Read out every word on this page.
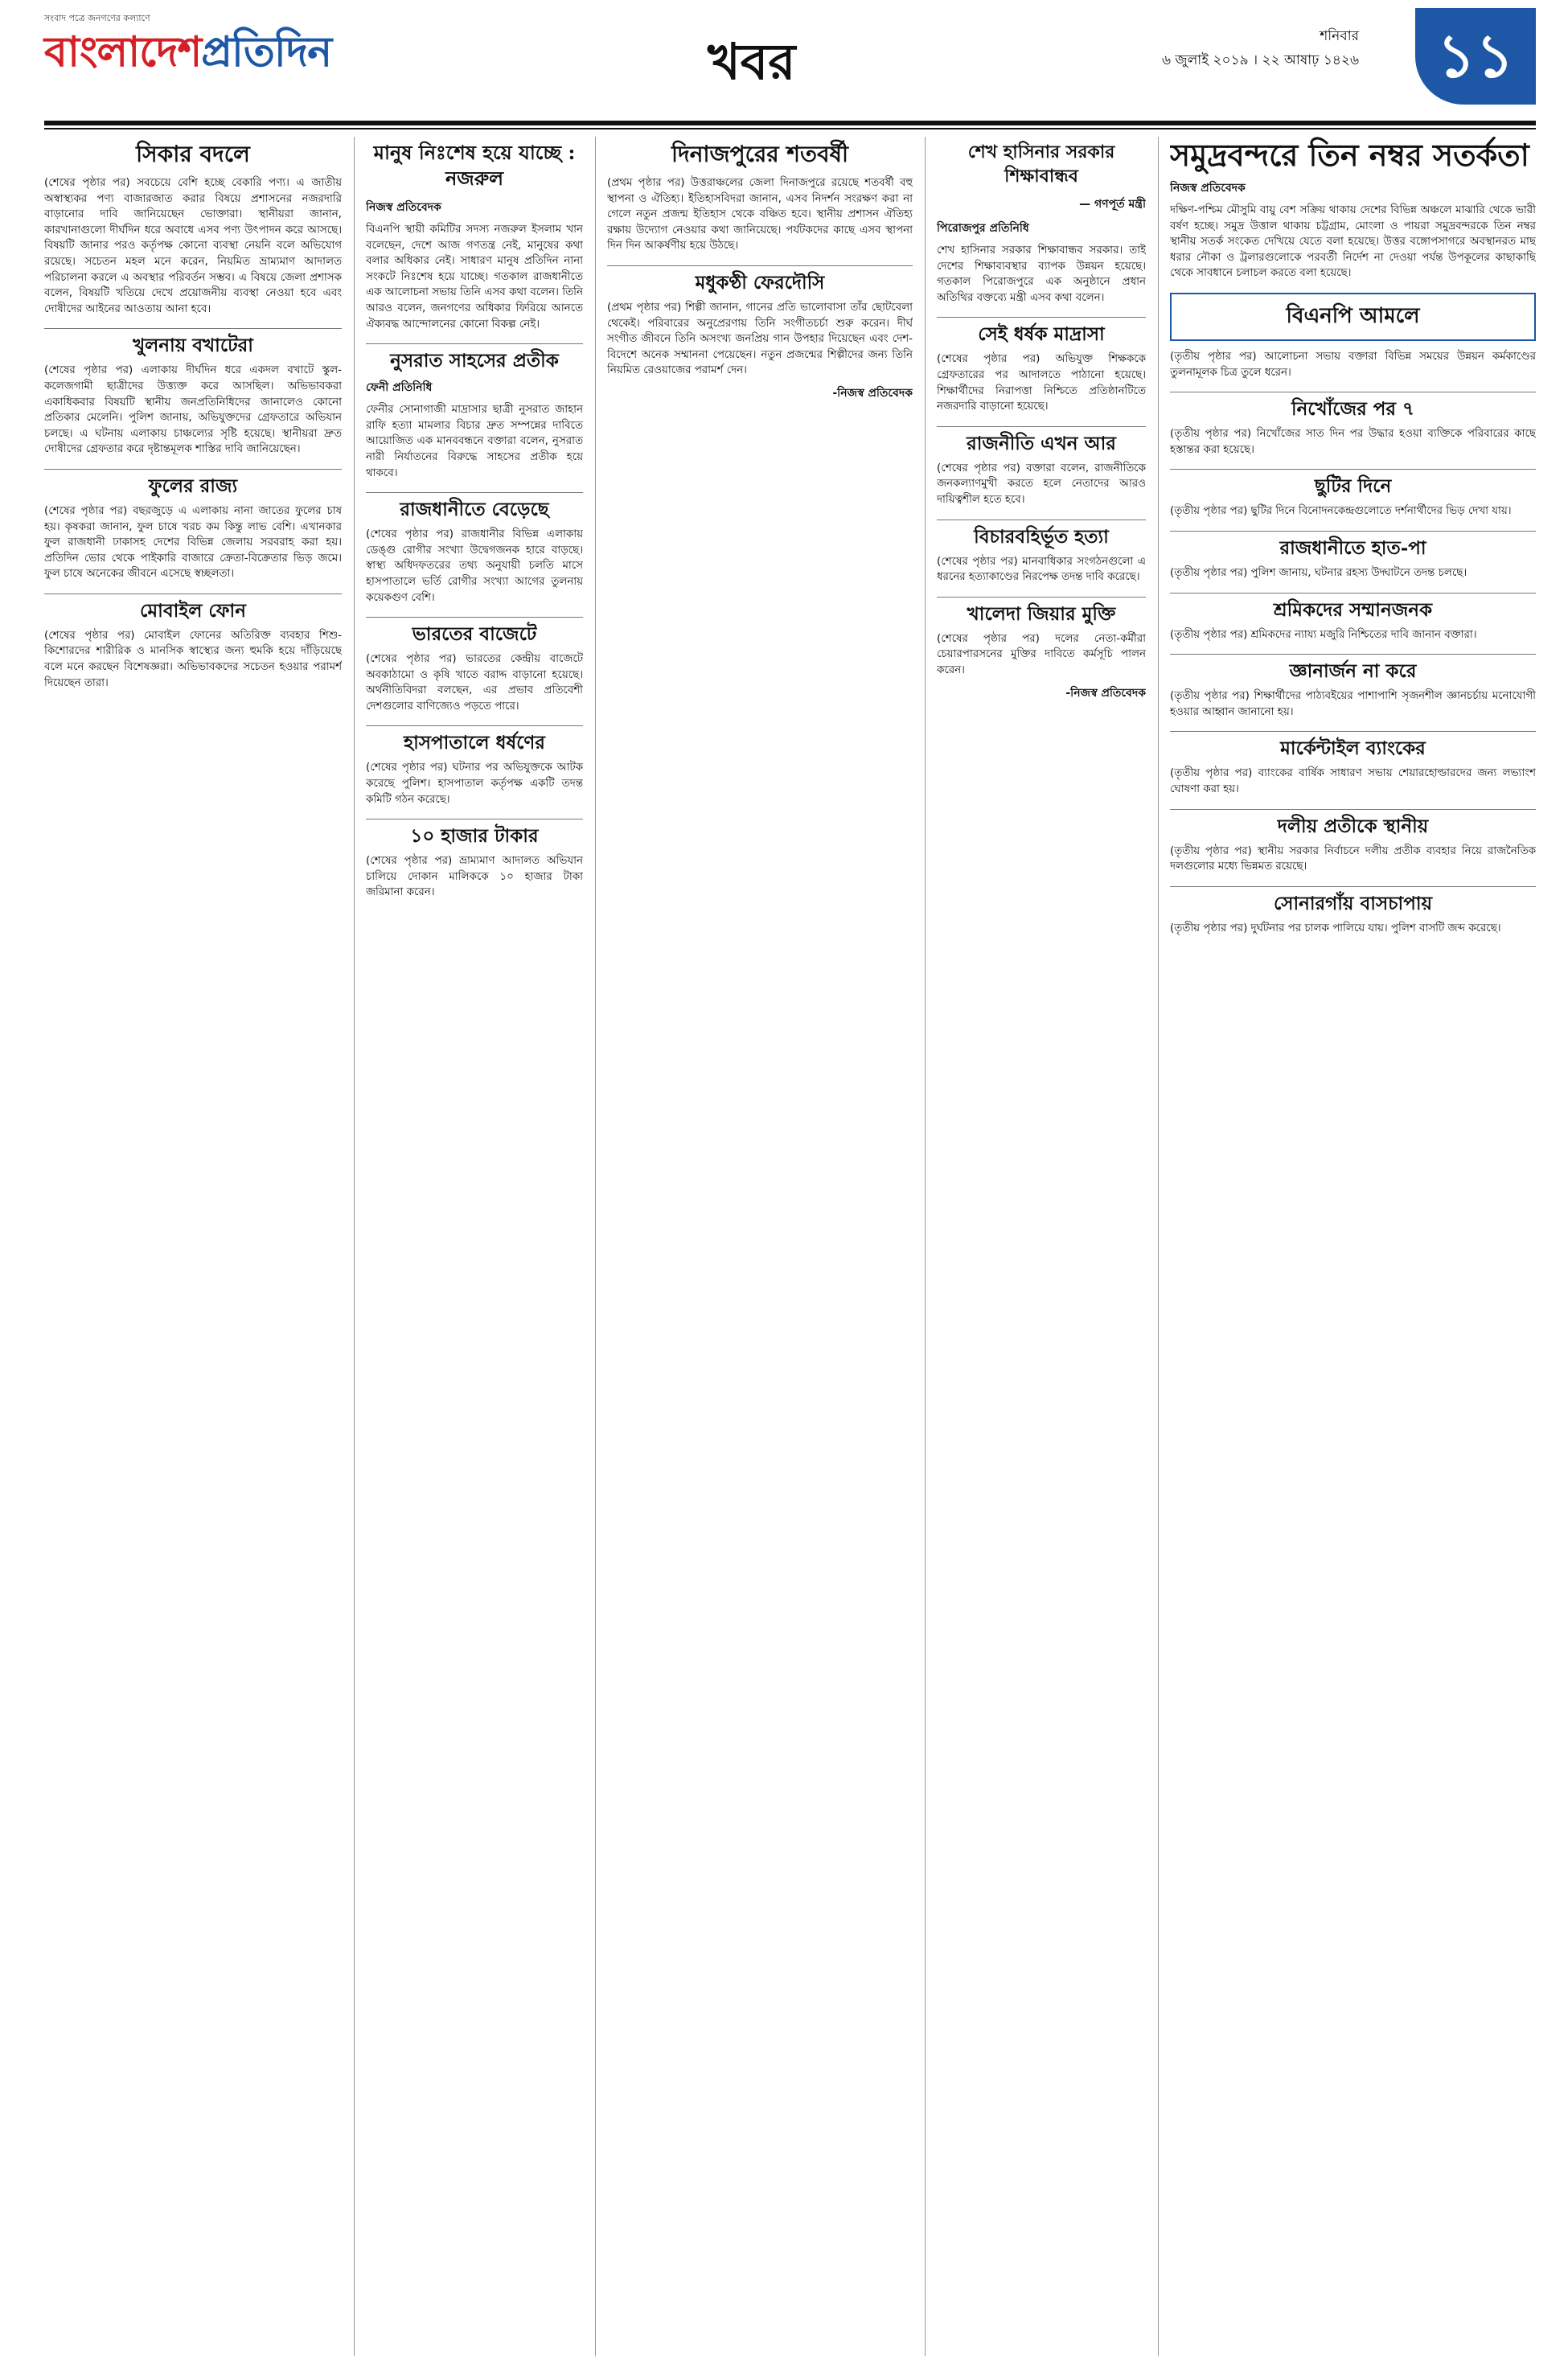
সংবাদ পত্রে জনগণের কল্যাণে
বাংলাদেশপ্রতিদিন	খবর	শনিবার
৬ জুলাই ২০১৯ । ২২ আষাঢ় ১৪২৬	১১
সিকার বদলে

(শেষের পৃষ্ঠার পর) সবচেয়ে বেশি হচ্ছে বেকারি পণ্য। এ জাতীয় অস্বাস্থ্যকর পণ্য বাজারজাত করার বিষয়ে প্রশাসনের নজরদারি বাড়ানোর দাবি জানিয়েছেন ভোক্তারা। স্থানীয়রা জানান, কারখানাগুলো দীর্ঘদিন ধরে অবাধে এসব পণ্য উৎপাদন করে আসছে। বিষয়টি জানার পরও কর্তৃপক্ষ কোনো ব্যবস্থা নেয়নি বলে অভিযোগ রয়েছে। সচেতন মহল মনে করেন, নিয়মিত ভ্রাম্যমাণ আদালত পরিচালনা করলে এ অবস্থার পরিবর্তন সম্ভব। এ বিষয়ে জেলা প্রশাসক বলেন, বিষয়টি খতিয়ে দেখে প্রয়োজনীয় ব্যবস্থা নেওয়া হবে এবং দোষীদের আইনের আওতায় আনা হবে।

খুলনায় বখাটেরা

(শেষের পৃষ্ঠার পর) এলাকায় দীর্ঘদিন ধরে একদল বখাটে স্কুল-কলেজগামী ছাত্রীদের উত্ত্যক্ত করে আসছিল। অভিভাবকরা একাধিকবার বিষয়টি স্থানীয় জনপ্রতিনিধিদের জানালেও কোনো প্রতিকার মেলেনি। পুলিশ জানায়, অভিযুক্তদের গ্রেফতারে অভিযান চলছে। এ ঘটনায় এলাকায় চাঞ্চল্যের সৃষ্টি হয়েছে। স্থানীয়রা দ্রুত দোষীদের গ্রেফতার করে দৃষ্টান্তমূলক শাস্তির দাবি জানিয়েছেন।

ফুলের রাজ্য

(শেষের পৃষ্ঠার পর) বছরজুড়ে এ এলাকায় নানা জাতের ফুলের চাষ হয়। কৃষকরা জানান, ফুল চাষে খরচ কম কিন্তু লাভ বেশি। এখানকার ফুল রাজধানী ঢাকাসহ দেশের বিভিন্ন জেলায় সরবরাহ করা হয়। প্রতিদিন ভোর থেকে পাইকারি বাজারে ক্রেতা-বিক্রেতার ভিড় জমে। ফুল চাষে অনেকের জীবনে এসেছে স্বচ্ছলতা।

মোবাইল ফোন

(শেষের পৃষ্ঠার পর) মোবাইল ফোনের অতিরিক্ত ব্যবহার শিশু-কিশোরদের শারীরিক ও মানসিক স্বাস্থ্যের জন্য হুমকি হয়ে দাঁড়িয়েছে বলে মনে করছেন বিশেষজ্ঞরা। অভিভাবকদের সচেতন হওয়ার পরামর্শ দিয়েছেন তারা।

মানুষ নিঃশেষ হয়ে যাচ্ছে : নজরুল
নিজস্ব প্রতিবেদক

বিএনপি স্থায়ী কমিটির সদস্য নজরুল ইসলাম খান বলেছেন, দেশে আজ গণতন্ত্র নেই, মানুষের কথা বলার অধিকার নেই। সাধারণ মানুষ প্রতিদিন নানা সংকটে নিঃশেষ হয়ে যাচ্ছে। গতকাল রাজধানীতে এক আলোচনা সভায় তিনি এসব কথা বলেন। তিনি আরও বলেন, জনগণের অধিকার ফিরিয়ে আনতে ঐক্যবদ্ধ আন্দোলনের কোনো বিকল্প নেই।

নুসরাত সাহসের প্রতীক
ফেনী প্রতিনিধি

ফেনীর সোনাগাজী মাদ্রাসার ছাত্রী নুসরাত জাহান রাফি হত্যা মামলার বিচার দ্রুত সম্পন্নের দাবিতে আয়োজিত এক মানববন্ধনে বক্তারা বলেন, নুসরাত নারী নির্যাতনের বিরুদ্ধে সাহসের প্রতীক হয়ে থাকবে।

রাজধানীতে বেড়েছে

(শেষের পৃষ্ঠার পর) রাজধানীর বিভিন্ন এলাকায় ডেঙ্গু রোগীর সংখ্যা উদ্বেগজনক হারে বাড়ছে। স্বাস্থ্য অধিদফতরের তথ্য অনুযায়ী চলতি মাসে হাসপাতালে ভর্তি রোগীর সংখ্যা আগের তুলনায় কয়েকগুণ বেশি।

ভারতের বাজেটে

(শেষের পৃষ্ঠার পর) ভারতের কেন্দ্রীয় বাজেটে অবকাঠামো ও কৃষি খাতে বরাদ্দ বাড়ানো হয়েছে। অর্থনীতিবিদরা বলছেন, এর প্রভাব প্রতিবেশী দেশগুলোর বাণিজ্যেও পড়তে পারে।

হাসপাতালে ধর্ষণের

(শেষের পৃষ্ঠার পর) ঘটনার পর অভিযুক্তকে আটক করেছে পুলিশ। হাসপাতাল কর্তৃপক্ষ একটি তদন্ত কমিটি গঠন করেছে।

১০ হাজার টাকার

(শেষের পৃষ্ঠার পর) ভ্রাম্যমাণ আদালত অভিযান চালিয়ে দোকান মালিককে ১০ হাজার টাকা জরিমানা করেন।

দিনাজপুরের শতবর্ষী

(প্রথম পৃষ্ঠার পর) উত্তরাঞ্চলের জেলা দিনাজপুরে রয়েছে শতবর্ষী বহু স্থাপনা ও ঐতিহ্য। ইতিহাসবিদরা জানান, এসব নিদর্শন সংরক্ষণ করা না গেলে নতুন প্রজন্ম ইতিহাস থেকে বঞ্চিত হবে। স্থানীয় প্রশাসন ঐতিহ্য রক্ষায় উদ্যোগ নেওয়ার কথা জানিয়েছে। পর্যটকদের কাছে এসব স্থাপনা দিন দিন আকর্ষণীয় হয়ে উঠছে।

মধুকণ্ঠী ফেরদৌসি

(প্রথম পৃষ্ঠার পর) শিল্পী জানান, গানের প্রতি ভালোবাসা তাঁর ছোটবেলা থেকেই। পরিবারের অনুপ্রেরণায় তিনি সংগীতচর্চা শুরু করেন। দীর্ঘ সংগীত জীবনে তিনি অসংখ্য জনপ্রিয় গান উপহার দিয়েছেন এবং দেশ-বিদেশে অনেক সম্মাননা পেয়েছেন। নতুন প্রজন্মের শিল্পীদের জন্য তিনি নিয়মিত রেওয়াজের পরামর্শ দেন।

-নিজস্ব প্রতিবেদক
শেখ হাসিনার সরকার শিক্ষাবান্ধব
— গণপূর্ত মন্ত্রী
পিরোজপুর প্রতিনিধি

শেখ হাসিনার সরকার শিক্ষাবান্ধব সরকার। তাই দেশের শিক্ষাব্যবস্থার ব্যাপক উন্নয়ন হয়েছে। গতকাল পিরোজপুরে এক অনুষ্ঠানে প্রধান অতিথির বক্তব্যে মন্ত্রী এসব কথা বলেন।

সেই ধর্ষক মাদ্রাসা

(শেষের পৃষ্ঠার পর) অভিযুক্ত শিক্ষককে গ্রেফতারের পর আদালতে পাঠানো হয়েছে। শিক্ষার্থীদের নিরাপত্তা নিশ্চিতে প্রতিষ্ঠানটিতে নজরদারি বাড়ানো হয়েছে।

রাজনীতি এখন আর

(শেষের পৃষ্ঠার পর) বক্তারা বলেন, রাজনীতিকে জনকল্যাণমুখী করতে হলে নেতাদের আরও দায়িত্বশীল হতে হবে।

বিচারবহির্ভূত হত্যা

(শেষের পৃষ্ঠার পর) মানবাধিকার সংগঠনগুলো এ ধরনের হত্যাকাণ্ডের নিরপেক্ষ তদন্ত দাবি করেছে।

খালেদা জিয়ার মুক্তি

(শেষের পৃষ্ঠার পর) দলের নেতা-কর্মীরা চেয়ারপারসনের মুক্তির দাবিতে কর্মসূচি পালন করেন।

-নিজস্ব প্রতিবেদক
সমুদ্রবন্দরে তিন নম্বর সতর্কতা
নিজস্ব প্রতিবেদক

দক্ষিণ-পশ্চিম মৌসুমি বায়ু বেশ সক্রিয় থাকায় দেশের বিভিন্ন অঞ্চলে মাঝারি থেকে ভারী বর্ষণ হচ্ছে। সমুদ্র উত্তাল থাকায় চট্টগ্রাম, মোংলা ও পায়রা সমুদ্রবন্দরকে তিন নম্বর স্থানীয় সতর্ক সংকেত দেখিয়ে যেতে বলা হয়েছে। উত্তর বঙ্গোপসাগরে অবস্থানরত মাছ ধরার নৌকা ও ট্রলারগুলোকে পরবর্তী নির্দেশ না দেওয়া পর্যন্ত উপকূলের কাছাকাছি থেকে সাবধানে চলাচল করতে বলা হয়েছে।

বিএনপি আমলে

(তৃতীয় পৃষ্ঠার পর) আলোচনা সভায় বক্তারা বিভিন্ন সময়ের উন্নয়ন কর্মকাণ্ডের তুলনামূলক চিত্র তুলে ধরেন।

নিখোঁজের পর ৭

(তৃতীয় পৃষ্ঠার পর) নিখোঁজের সাত দিন পর উদ্ধার হওয়া ব্যক্তিকে পরিবারের কাছে হস্তান্তর করা হয়েছে।

ছুটির দিনে

(তৃতীয় পৃষ্ঠার পর) ছুটির দিনে বিনোদনকেন্দ্রগুলোতে দর্শনার্থীদের ভিড় দেখা যায়।

রাজধানীতে হাত-পা

(তৃতীয় পৃষ্ঠার পর) পুলিশ জানায়, ঘটনার রহস্য উদ্ঘাটনে তদন্ত চলছে।

শ্রমিকদের সম্মানজনক

(তৃতীয় পৃষ্ঠার পর) শ্রমিকদের ন্যায্য মজুরি নিশ্চিতের দাবি জানান বক্তারা।

জ্ঞানার্জন না করে

(তৃতীয় পৃষ্ঠার পর) শিক্ষার্থীদের পাঠ্যবইয়ের পাশাপাশি সৃজনশীল জ্ঞানচর্চায় মনোযোগী হওয়ার আহ্বান জানানো হয়।

মার্কেন্টাইল ব্যাংকের

(তৃতীয় পৃষ্ঠার পর) ব্যাংকের বার্ষিক সাধারণ সভায় শেয়ারহোল্ডারদের জন্য লভ্যাংশ ঘোষণা করা হয়।

দলীয় প্রতীকে স্থানীয়

(তৃতীয় পৃষ্ঠার পর) স্থানীয় সরকার নির্বাচনে দলীয় প্রতীক ব্যবহার নিয়ে রাজনৈতিক দলগুলোর মধ্যে ভিন্নমত রয়েছে।

সোনারগাঁয় বাসচাপায়

(তৃতীয় পৃষ্ঠার পর) দুর্ঘটনার পর চালক পালিয়ে যায়। পুলিশ বাসটি জব্দ করেছে।
